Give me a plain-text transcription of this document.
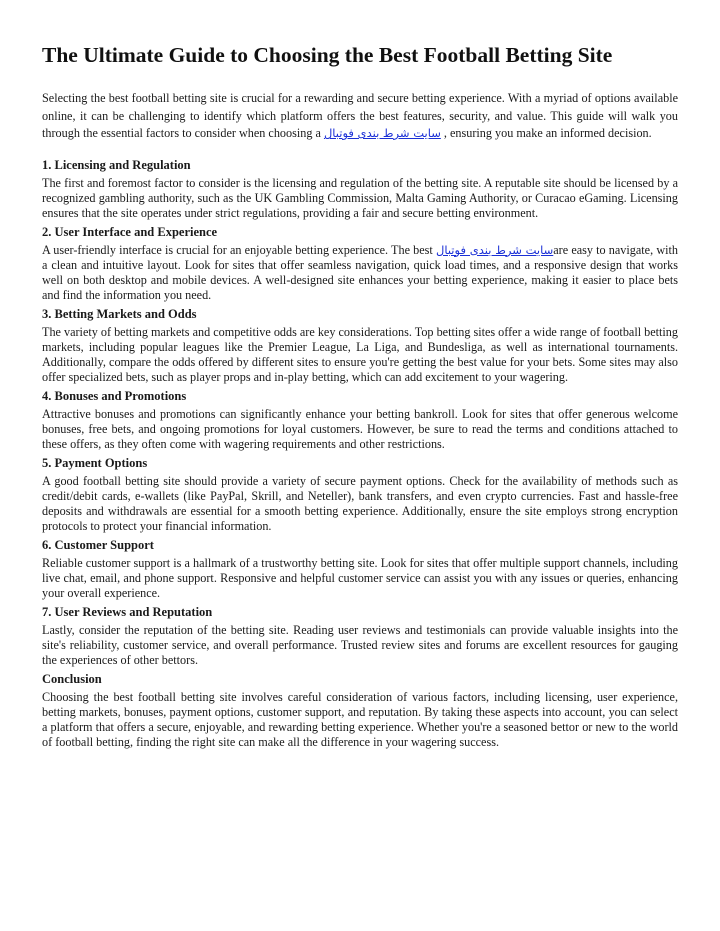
The Ultimate Guide to Choosing the Best Football Betting Site

Selecting the best football betting site is crucial for a rewarding and secure betting experience. With a myriad of options available online, it can be challenging to identify which platform offers the best features, security, and value. This guide will walk you through the essential factors to consider when choosing a سایت شرط بندی فوتبال , ensuring you make an informed decision.

1. Licensing and Regulation

The first and foremost factor to consider is the licensing and regulation of the betting site. A reputable site should be licensed by a recognized gambling authority, such as the UK Gambling Commission, Malta Gaming Authority, or Curacao eGaming. Licensing ensures that the site operates under strict regulations, providing a fair and secure betting environment.

2. User Interface and Experience

A user-friendly interface is crucial for an enjoyable betting experience. The best سایت شرط بندی فوتبالare easy to navigate, with a clean and intuitive layout. Look for sites that offer seamless navigation, quick load times, and a responsive design that works well on both desktop and mobile devices. A well-designed site enhances your betting experience, making it easier to place bets and find the information you need.

3. Betting Markets and Odds

The variety of betting markets and competitive odds are key considerations. Top betting sites offer a wide range of football betting markets, including popular leagues like the Premier League, La Liga, and Bundesliga, as well as international tournaments. Additionally, compare the odds offered by different sites to ensure you're getting the best value for your bets. Some sites may also offer specialized bets, such as player props and in-play betting, which can add excitement to your wagering.

4. Bonuses and Promotions

Attractive bonuses and promotions can significantly enhance your betting bankroll. Look for sites that offer generous welcome bonuses, free bets, and ongoing promotions for loyal customers. However, be sure to read the terms and conditions attached to these offers, as they often come with wagering requirements and other restrictions.

5. Payment Options

A good football betting site should provide a variety of secure payment options. Check for the availability of methods such as credit/debit cards, e-wallets (like PayPal, Skrill, and Neteller), bank transfers, and even crypto currencies. Fast and hassle-free deposits and withdrawals are essential for a smooth betting experience. Additionally, ensure the site employs strong encryption protocols to protect your financial information.

6. Customer Support

Reliable customer support is a hallmark of a trustworthy betting site. Look for sites that offer multiple support channels, including live chat, email, and phone support. Responsive and helpful customer service can assist you with any issues or queries, enhancing your overall experience.

7. User Reviews and Reputation

Lastly, consider the reputation of the betting site. Reading user reviews and testimonials can provide valuable insights into the site's reliability, customer service, and overall performance. Trusted review sites and forums are excellent resources for gauging the experiences of other bettors.

Conclusion

Choosing the best football betting site involves careful consideration of various factors, including licensing, user experience, betting markets, bonuses, payment options, customer support, and reputation. By taking these aspects into account, you can select a platform that offers a secure, enjoyable, and rewarding betting experience. Whether you're a seasoned bettor or new to the world of football betting, finding the right site can make all the difference in your wagering success.
